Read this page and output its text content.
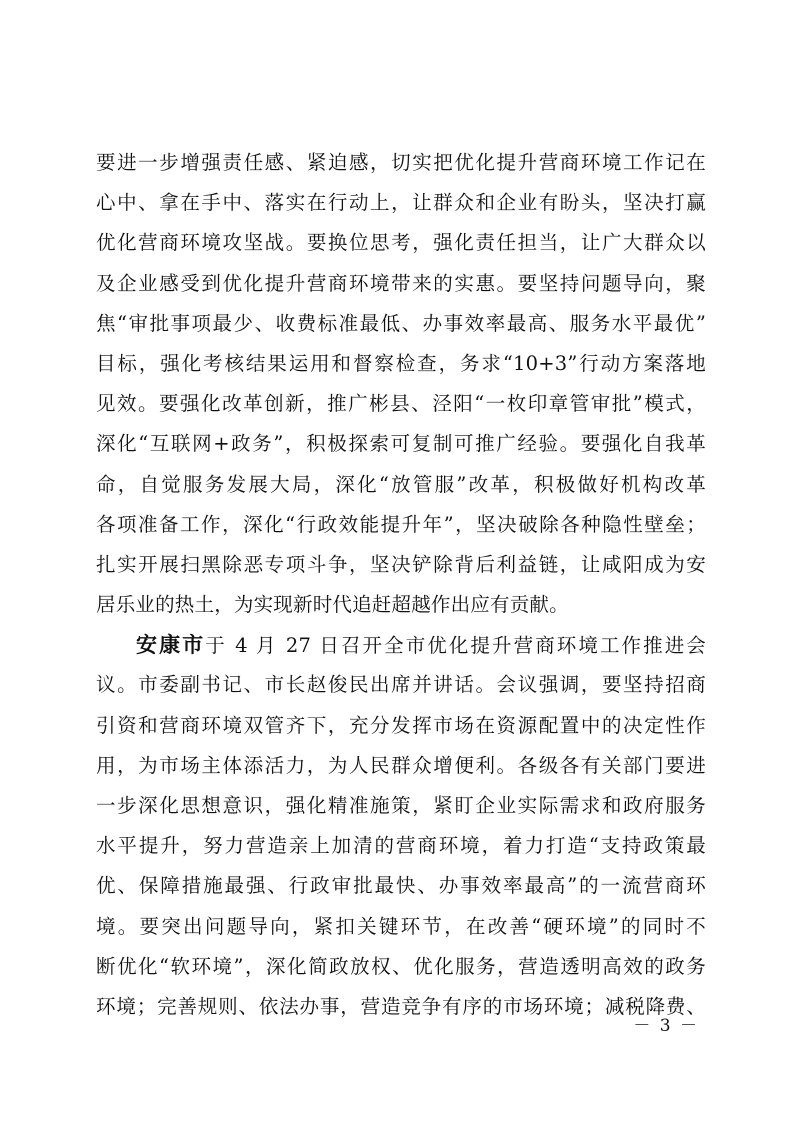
要进一步增强责任感、紧迫感，切实把优化提升营商环境工作记在
心中、拿在手中、落实在行动上，让群众和企业有盼头，坚决打赢
优化营商环境攻坚战。要换位思考，强化责任担当，让广大群众以
及企业感受到优化提升营商环境带来的实惠。要坚持问题导向，聚
焦“审批事项最少、收费标准最低、办事效率最高、服务水平最优”
目标，强化考核结果运用和督察检查，务求“10+3”行动方案落地
见效。要强化改革创新，推广彬县、泾阳“一枚印章管审批”模式，
深化“互联网+政务”，积极探索可复制可推广经验。要强化自我革
命，自觉服务发展大局，深化“放管服”改革，积极做好机构改革
各项准备工作，深化“行政效能提升年”，坚决破除各种隐性壁垒；
扎实开展扫黑除恶专项斗争，坚决铲除背后利益链，让咸阳成为安
居乐业的热土，为实现新时代追赶超越作出应有贡献。
安康市于 4 月 27 日召开全市优化提升营商环境工作推进会
议。市委副书记、市长赵俊民出席并讲话。会议强调，要坚持招商
引资和营商环境双管齐下，充分发挥市场在资源配置中的决定性作
用，为市场主体添活力，为人民群众增便利。各级各有关部门要进
一步深化思想意识，强化精准施策，紧盯企业实际需求和政府服务
水平提升，努力营造亲上加清的营商环境，着力打造“支持政策最
优、保障措施最强、行政审批最快、办事效率最高”的一流营商环
境。要突出问题导向，紧扣关键环节，在改善“硬环境”的同时不
断优化“软环境”，深化简政放权、优化服务，营造透明高效的政务
环境；完善规则、依法办事，营造竞争有序的市场环境；减税降费、
－ 3 －
